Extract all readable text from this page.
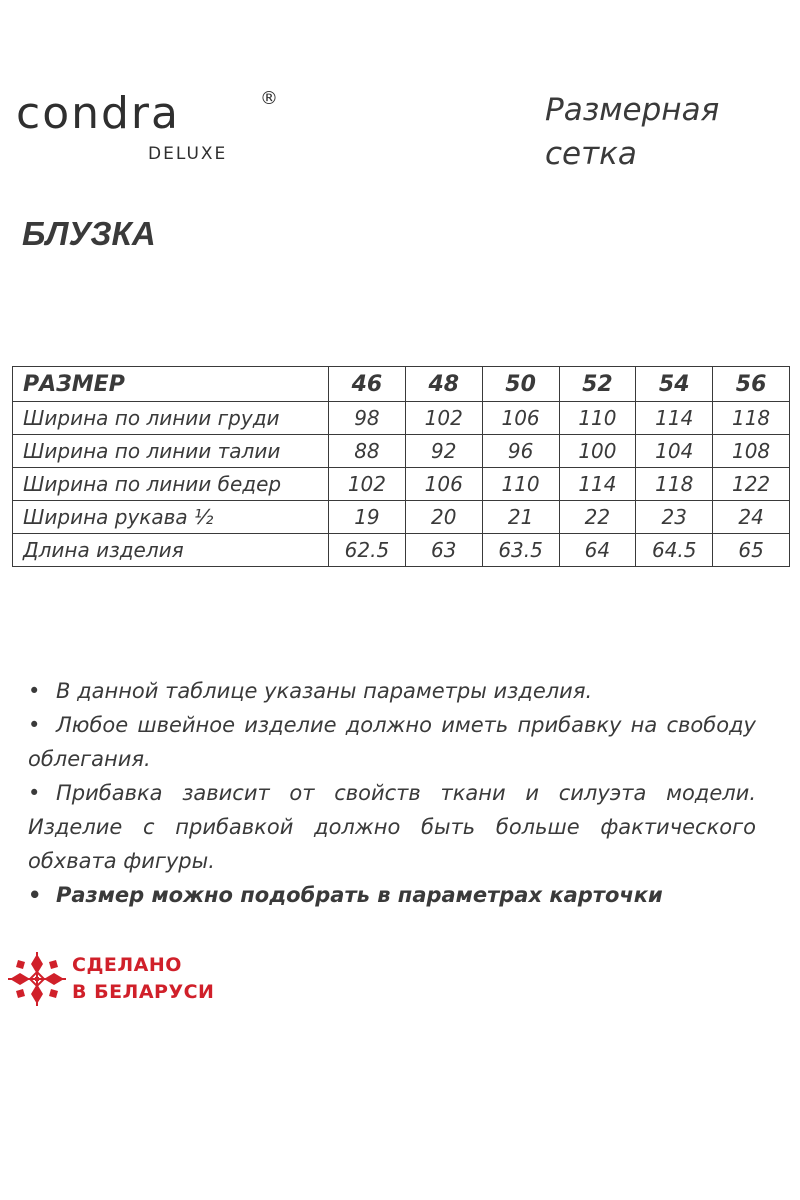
condra	®
DELUXE
Размерная сетка
БЛУЗКА
РАЗМЕР	46	48	50	52	54	56
Ширина по линии груди	98	102	106	110	114	118
Ширина по линии талии	88	92	96	100	104	108
Ширина по линии бедер	102	106	110	114	118	122
Ширина рукава ½	19	20	21	22	23	24
Длина изделия	62.5	63	63.5	64	64.5	65

• В данной таблице указаны параметры изделия.

• Любое швейное изделие должно иметь прибавку на свободу облегания.

• Прибавка зависит от свойств ткани и силуэта модели. Изделие с прибавкой должно быть больше фактического обхвата фигуры.

• Размер можно подобрать в параметрах карточки

СДЕЛАНО
В БЕЛАРУСИ
